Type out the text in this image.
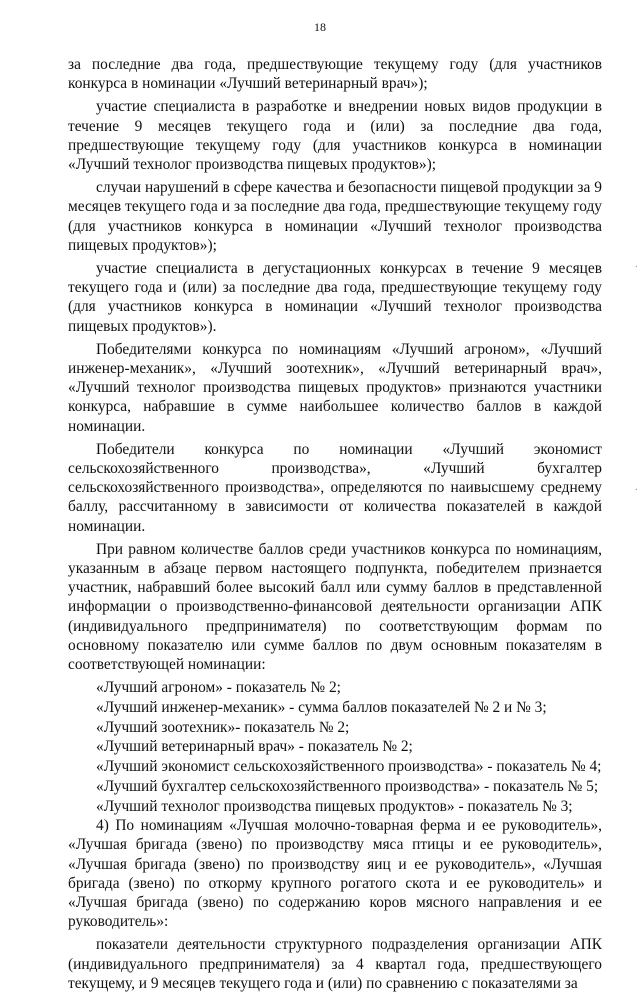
18

за последние два года, предшествующие текущему году (для участников конкурса в номинации «Лучший ветеринарный врач»);

участие специалиста в разработке и внедрении новых видов продукции в течение 9 месяцев текущего года и (или) за последние два года, предшествующие текущему году (для участников конкурса в номинации «Лучший технолог производства пищевых продуктов»);

случаи нарушений в сфере качества и безопасности пищевой продукции за 9 месяцев текущего года и за последние два года, предшествующие текущему году (для участников конкурса в номинации «Лучший технолог производства пищевых продуктов»);

участие специалиста в дегустационных конкурсах в течение 9 месяцев текущего года и (или) за последние два года, предшествующие текущему году (для участников конкурса в номинации «Лучший технолог производства пищевых продуктов»).

Победителями конкурса по номинациям «Лучший агроном», «Лучший инженер-механик», «Лучший зоотехник», «Лучший ветеринарный врач», «Лучший технолог производства пищевых продуктов» признаются участники конкурса, набравшие в сумме наибольшее количество баллов в каждой номинации.

Победители конкурса по номинации «Лучший экономист сельскохозяйственного производства», «Лучший бухгалтер сельскохозяйственного производства», определяются по наивысшему среднему баллу, рассчитанному в зависимости от количества показателей в каждой номинации.

При равном количестве баллов среди участников конкурса по номинациям, указанным в абзаце первом настоящего подпункта, победителем признается участник, набравший более высокий балл или сумму баллов в представленной информации о производственно-финансовой деятельности организации АПК (индивидуального предпринимателя) по соответствующим формам по основному показателю или сумме баллов по двум основным показателям в соответствующей номинации:

«Лучший агроном» - показатель № 2;

«Лучший инженер-механик» - сумма баллов показателей № 2 и № 3;

«Лучший зоотехник»- показатель № 2;

«Лучший ветеринарный врач» - показатель № 2;

«Лучший экономист сельскохозяйственного производства» - показатель № 4;

«Лучший бухгалтер сельскохозяйственного производства» - показатель № 5;

«Лучший технолог производства пищевых продуктов» - показатель № 3;

4) По номинациям «Лучшая молочно-товарная ферма и ее руководитель», «Лучшая бригада (звено) по производству мяса птицы и ее руководитель», «Лучшая бригада (звено) по производству яиц и ее руководитель», «Лучшая бригада (звено) по откорму крупного рогатого скота и ее руководитель» и «Лучшая бригада (звено) по содержанию коров мясного направления и ее руководитель»:

показатели деятельности структурного подразделения организации АПК (индивидуального предпринимателя) за 4 квартал года, предшествующего текущему, и 9 месяцев текущего года и (или) по сравнению с показателями за

·
·
